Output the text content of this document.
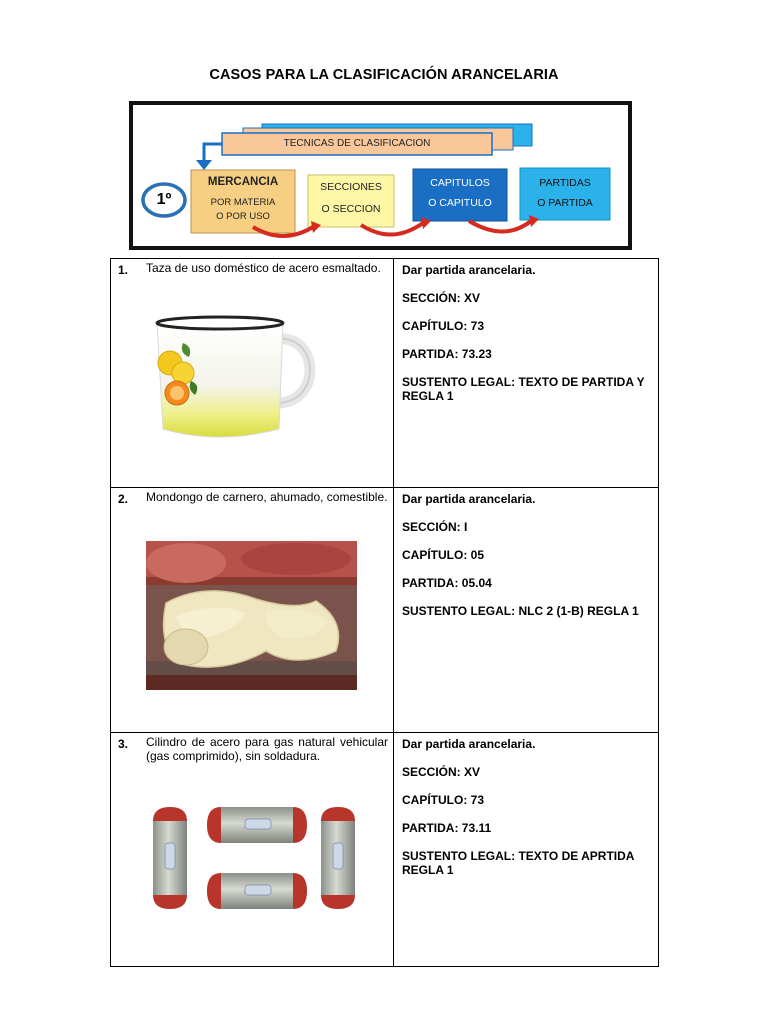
CASOS PARA LA CLASIFICACIÓN ARANCELARIA
TECNICAS DE CLASIFICACION
1º
MERCANCIA
POR MATERIA
O POR USO
SECCIONES
O SECCION
CAPITULOS
O CAPITULO
PARTIDAS
O PARTIDA
1. Taza de uso doméstico de acero esmaltado.	Dar partida arancelaria.

SECCIÓN: XV

CAPÍTULO: 73

PARTIDA: 73.23

SUSTENTO LEGAL: TEXTO DE PARTIDA Y REGLA 1

2. Mondongo de carnero, ahumado, comestible. Dar partida arancelaria.

SECCIÓN: I

CAPÍTULO: 05

PARTIDA: 05.04

SUSTENTO LEGAL: NLC 2 (1-B) REGLA 1

3. Cilindro de acero para gas natural vehicular (gas comprimido), sin soldadura.

Dar partida arancelaria.

SECCIÓN: XV

CAPÍTULO: 73

PARTIDA: 73.11

SUSTENTO LEGAL: TEXTO DE APRTIDA REGLA 1
